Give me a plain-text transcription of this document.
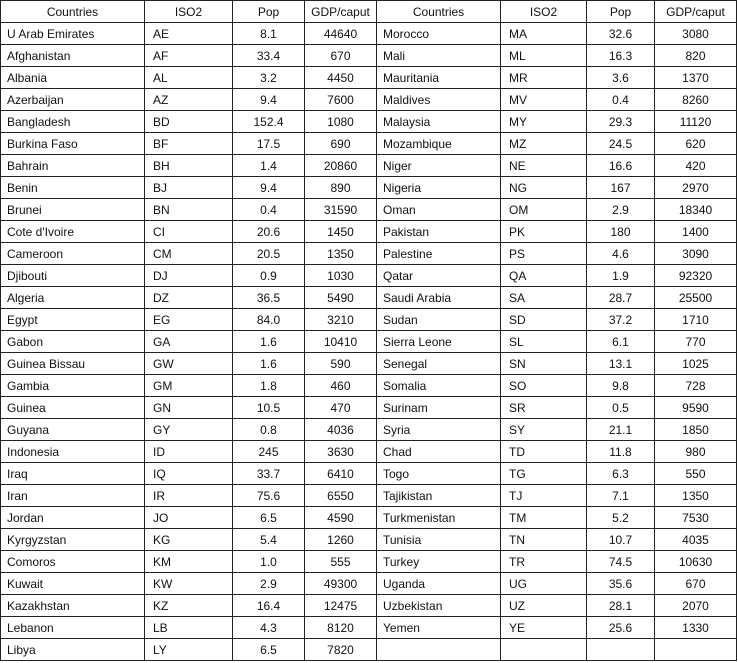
Countries	ISO2	Pop	GDP/caput	Countries	ISO2	Pop	GDP/caput
U Arab Emirates	AE	8.1	44640	Morocco	MA	32.6	3080
Afghanistan	AF	33.4	670	Mali	ML	16.3	820
Albania	AL	3.2	4450	Mauritania	MR	3.6	1370
Azerbaijan	AZ	9.4	7600	Maldives	MV	0.4	8260
Bangladesh	BD	152.4	1080	Malaysia	MY	29.3	11120
Burkina Faso	BF	17.5	690	Mozambique	MZ	24.5	620
Bahrain	BH	1.4	20860	Niger	NE	16.6	420
Benin	BJ	9.4	890	Nigeria	NG	167	2970
Brunei	BN	0.4	31590	Oman	OM	2.9	18340
Cote d'Ivoire	CI	20.6	1450	Pakistan	PK	180	1400
Cameroon	CM	20.5	1350	Palestine	PS	4.6	3090
Djibouti	DJ	0.9	1030	Qatar	QA	1.9	92320
Algeria	DZ	36.5	5490	Saudi Arabia	SA	28.7	25500
Egypt	EG	84.0	3210	Sudan	SD	37.2	1710
Gabon	GA	1.6	10410	Sierra Leone	SL	6.1	770
Guinea Bissau	GW	1.6	590	Senegal	SN	13.1	1025
Gambia	GM	1.8	460	Somalia	SO	9.8	728
Guinea	GN	10.5	470	Surinam	SR	0.5	9590
Guyana	GY	0.8	4036	Syria	SY	21.1	1850
Indonesia	ID	245	3630	Chad	TD	11.8	980
Iraq	IQ	33.7	6410	Togo	TG	6.3	550
Iran	IR	75.6	6550	Tajikistan	TJ	7.1	1350
Jordan	JO	6.5	4590	Turkmenistan	TM	5.2	7530
Kyrgyzstan	KG	5.4	1260	Tunisia	TN	10.7	4035
Comoros	KM	1.0	555	Turkey	TR	74.5	10630
Kuwait	KW	2.9	49300	Uganda	UG	35.6	670
Kazakhstan	KZ	16.4	12475	Uzbekistan	UZ	28.1	2070
Lebanon	LB	4.3	8120	Yemen	YE	25.6	1330
Libya	LY	6.5	7820				
